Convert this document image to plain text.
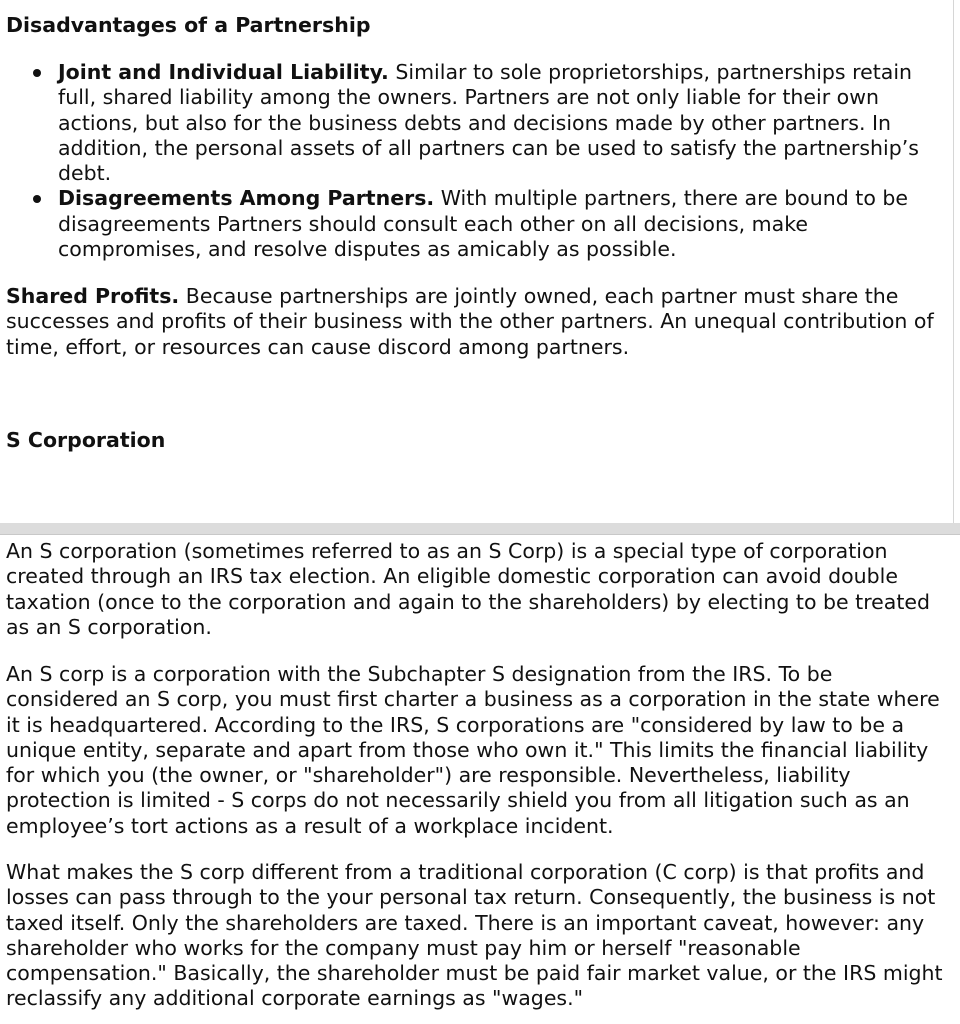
Disadvantages of a Partnership
Joint and Individual Liability. Similar to sole proprietorships, partnerships retain full, shared liability among the owners. Partners are not only liable for their own actions, but also for the business debts and decisions made by other partners. In addition, the personal assets of all partners can be used to satisfy the partnership’s debt.
Disagreements Among Partners. With multiple partners, there are bound to be disagreements Partners should consult each other on all decisions, make compromises, and resolve disputes as amicably as possible.

Shared Profits. Because partnerships are jointly owned, each partner must share the successes and profits of their business with the other partners. An unequal contribution of time, effort, or resources can cause discord among partners.

S Corporation

An S corporation (sometimes referred to as an S Corp) is a special type of corporation created through an IRS tax election. An eligible domestic corporation can avoid double taxation (once to the corporation and again to the shareholders) by electing to be treated as an S corporation.

An S corp is a corporation with the Subchapter S designation from the IRS. To be considered an S corp, you must first charter a business as a corporation in the state where it is headquartered. According to the IRS, S corporations are "considered by law to be a unique entity, separate and apart from those who own it." This limits the financial liability for which you (the owner, or "shareholder") are responsible. Nevertheless, liability protection is limited - S corps do not necessarily shield you from all litigation such as an employee’s tort actions as a result of a workplace incident.

What makes the S corp different from a traditional corporation (C corp) is that profits and losses can pass through to the your personal tax return. Consequently, the business is not taxed itself. Only the shareholders are taxed. There is an important caveat, however: any shareholder who works for the company must pay him or herself "reasonable compensation." Basically, the shareholder must be paid fair market value, or the IRS might reclassify any additional corporate earnings as "wages."
